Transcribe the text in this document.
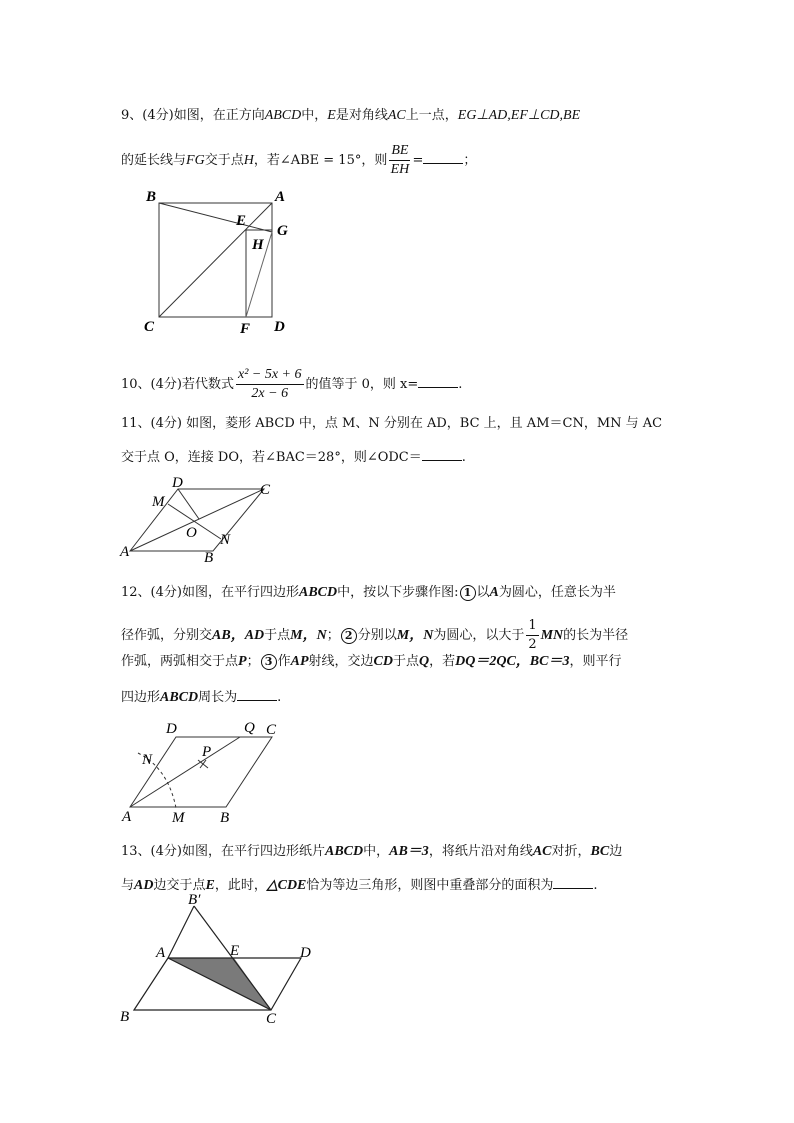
9、(4分)如图，在正方向ABCD中，E是对角线AC上一点，EG⊥AD,EF⊥CD,BE
的延长线与FG交于点H，若∠ABE = 15°，则 $\frac{BE}{EH}$ =	；
B	A
E
G
H
C	F D
10、(4分)若代数式 $\frac{\text{x² − 5x + 6}}{2x - 6}$ 的值等于 0，则 x=	.
11、(4分) 如图，菱形 ABCD 中，点 M、N 分别在 AD，BC 上，且 AM＝CN，MN 与 AC
交于点 O，连接 DO，若∠BAC＝28°，则∠ODC＝	.
D	C
M
O N
A	B
12、(4分)如图，在平行四边形ABCD中，按以下步骤作图: 1 以A为圆心，任意长为半
径作弧，分别交AB，AD于点M，N； 2 分别以M，N为圆心，以大于 $\frac{1}{2}$ MN的长为半径
作弧，两弧相交于点P； 3 作AP射线，交边CD于点Q，若DQ＝2QC，BC＝3，则平行
四边形ABCD周长为	.
D	Q C
N	P
A	M B
13、(4分)如图，在平行四边形纸片ABCD中，AB＝3，将纸片沿对角线AC对折，BC边
与AD边交于点E，此时，△CDE恰为等边三角形，则图中重叠部分的面积为	.
B′
A	E	D
B	C
